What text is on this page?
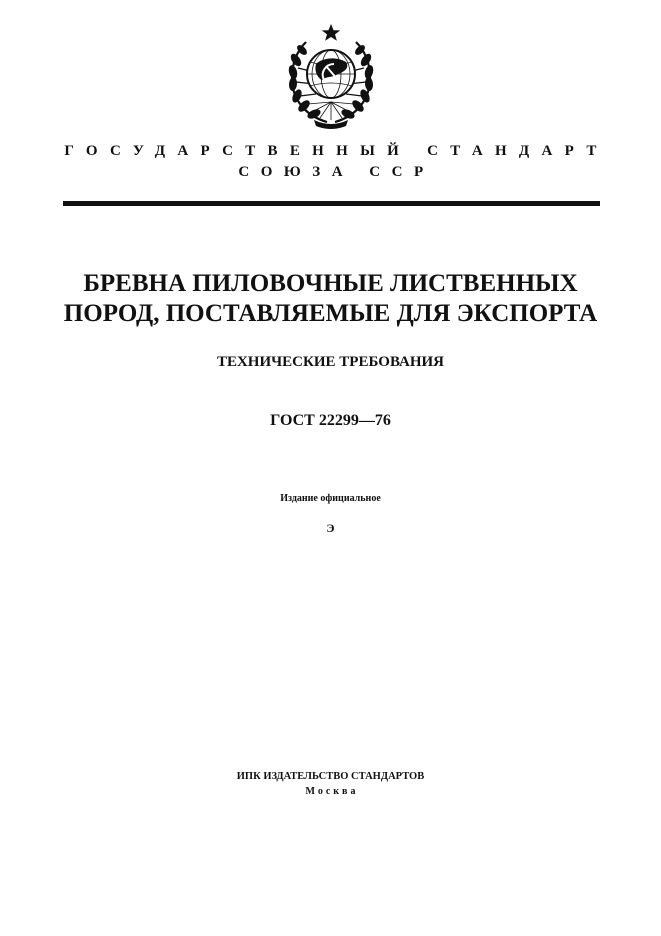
ГОСУДАРСТВЕННЫЙ СТАНДАРТ
СОЮЗА ССР
БРЕВНА ПИЛОВОЧНЫЕ ЛИСТВЕННЫХ
ПОРОД, ПОСТАВЛЯЕМЫЕ ДЛЯ ЭКСПОРТА
ТЕХНИЧЕСКИЕ ТРЕБОВАНИЯ
ГОСТ 22299—76
Издание официальное
Э
ИПК ИЗДАТЕЛЬСТВО СТАНДАРТОВ
Москва
